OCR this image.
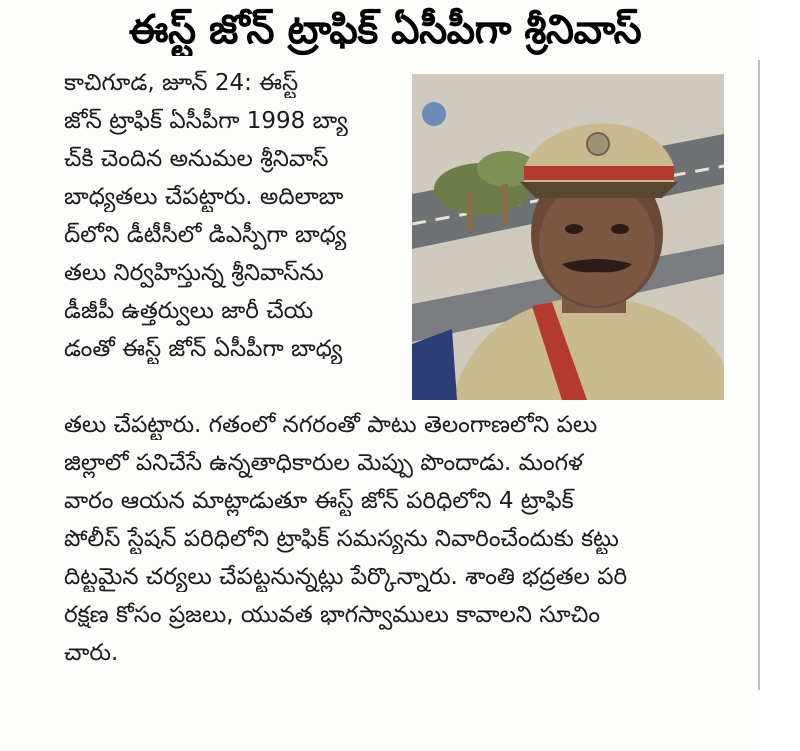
ఈస్ట్ జోన్ ట్రాఫిక్ ఏసీపీగా శ్రీనివాస్
కాచిగూడ, జూన్ 24: ఈస్ట్
జోన్ ట్రాఫిక్ ఏసీపీగా 1998 బ్యా
చ్‌కి చెందిన అనుమల శ్రీనివాస్
బాధ్యతలు చేపట్టారు. అదిలాబా
ద్‌లోని డీటీసీలో డిఎస్పీగా బాధ్య
తలు నిర్వహిస్తున్న శ్రీనివాస్‌ను
డీజీపీ ఉత్తర్వులు జారీ చేయ
డంతో ఈస్ట్ జోన్ ఏసీపీగా బాధ్య
తలు చేపట్టారు. గతంలో నగరంతో పాటు తెలంగాణలోని పలు
జిల్లాలో పనిచేసే ఉన్నతాధికారుల మెప్పు పొందాడు. మంగళ
వారం ఆయన మాట్లాడుతూ ఈస్ట్ జోన్ పరిధిలోని 4 ట్రాఫిక్
పోలీస్ స్టేషన్ పరిధిలోని ట్రాఫిక్ సమస్యను నివారించేందుకు కట్టు
దిట్టమైన చర్యలు చేపట్టనున్నట్లు పేర్కొన్నారు. శాంతి భద్రతల పరి
రక్షణ కోసం ప్రజలు, యువత భాగస్వాములు కావాలని సూచిం
చారు.
